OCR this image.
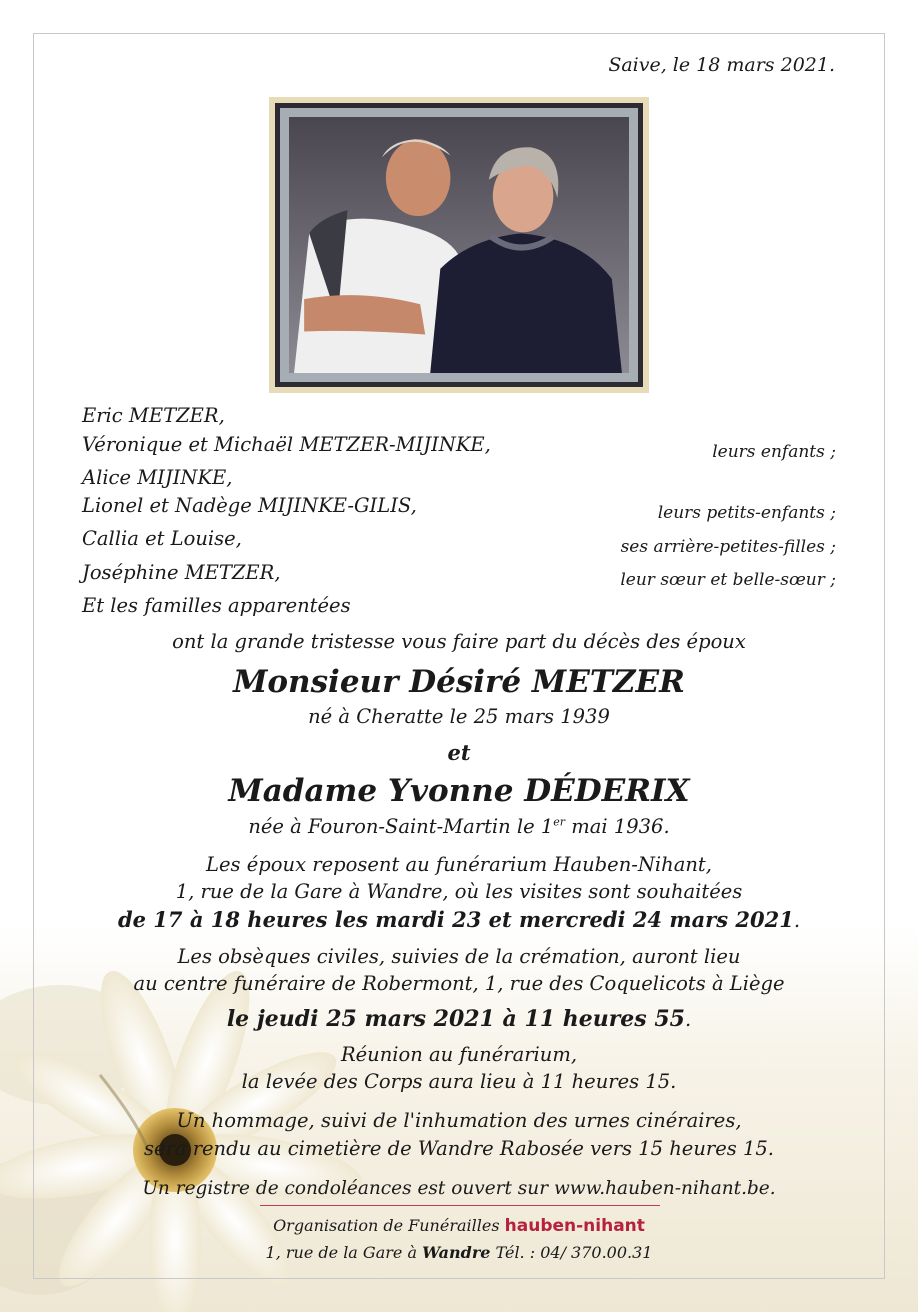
Saive, le 18 mars 2021.
Eric METZER,
Véronique et Michaël METZER-MIJINKE,
Alice MIJINKE,
Lionel et Nadège MIJINKE-GILIS,
Callia et Louise,
Joséphine METZER,
Et les familles apparentées
leurs enfants ;
leurs petits-enfants ;
ses arrière-petites-filles ;
leur sœur et belle-sœur ;
ont la grande tristesse vous faire part du décès des époux
Monsieur Désiré METZER
né à Cheratte le 25 mars 1939
et
Madame Yvonne DÉDERIX
née à Fouron-Saint-Martin le 1er mai 1936.
Les époux reposent au funérarium Hauben-Nihant,
1, rue de la Gare à Wandre, où les visites sont souhaitées
de 17 à 18 heures les mardi 23 et mercredi 24 mars 2021.
Les obsèques civiles, suivies de la crémation, auront lieu
au centre funéraire de Robermont, 1, rue des Coquelicots à Liège
le jeudi 25 mars 2021 à 11 heures 55.
Réunion au funérarium,
la levée des Corps aura lieu à 11 heures 15.
Un hommage, suivi de l'inhumation des urnes cinéraires,
sera rendu au cimetière de Wandre Rabosée vers 15 heures 15.
Un registre de condoléances est ouvert sur www.hauben-nihant.be.
Organisation de Funérailles hauben-nihant
1, rue de la Gare à Wandre Tél. : 04/ 370.00.31
